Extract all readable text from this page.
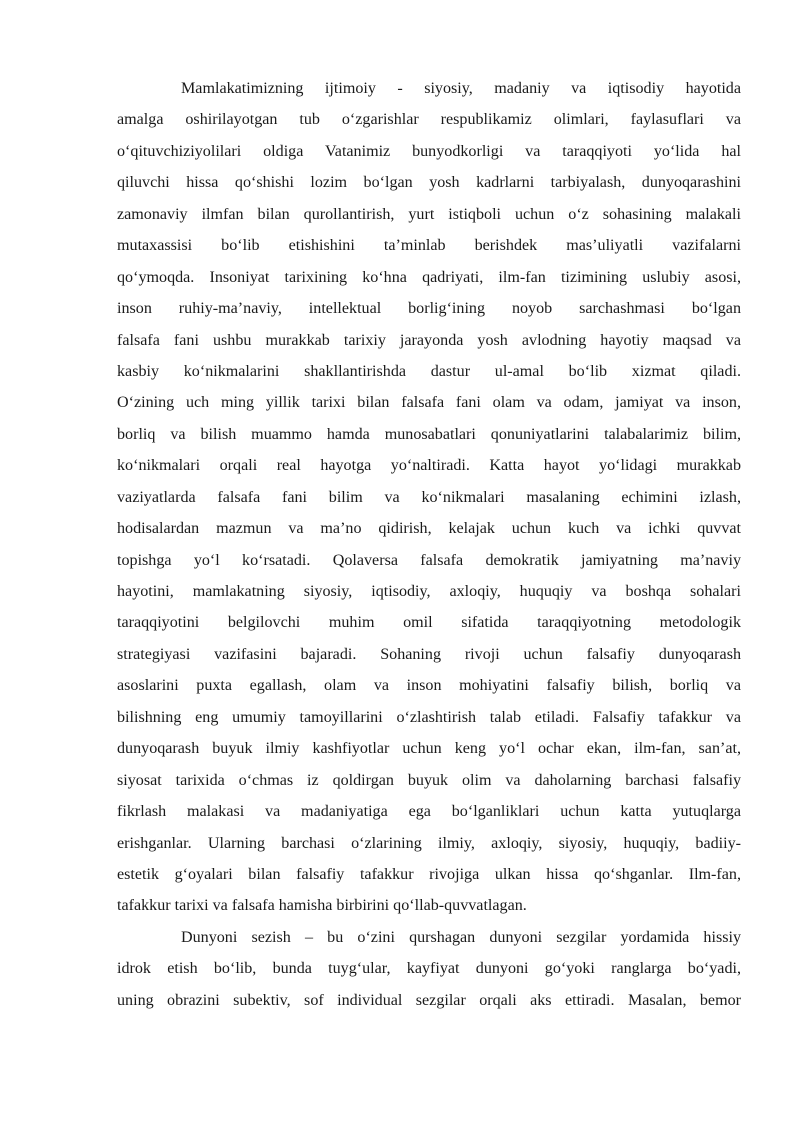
Mamlakatimizning ijtimoiy - siyosiy, madaniy va iqtisodiy hayotida
amalga oshirilayotgan tub o‘zgarishlar respublikamiz olimlari, faylasuflari va
o‘qituvchiziyolilari oldiga Vatanimiz bunyodkorligi va taraqqiyoti yo‘lida hal
qiluvchi hissa qo‘shishi lozim bo‘lgan yosh kadrlarni tarbiyalash, dunyoqarashini
zamonaviy ilmfan bilan qurollantirish, yurt istiqboli uchun o‘z sohasining malakali
mutaxassisi bo‘lib etishishini ta’minlab berishdek mas’uliyatli vazifalarni
qo‘ymoqda. Insoniyat tarixining ko‘hna qadriyati, ilm-fan tizimining uslubiy asosi,
inson ruhiy-ma’naviy, intellektual borlig‘ining noyob sarchashmasi bo‘lgan
falsafa fani ushbu murakkab tarixiy jarayonda yosh avlodning hayotiy maqsad va
kasbiy ko‘nikmalarini shakllantirishda dastur ul-amal bo‘lib xizmat qiladi.
O‘zining uch ming yillik tarixi bilan falsafa fani olam va odam, jamiyat va inson,
borliq va bilish muammo hamda munosabatlari qonuniyatlarini talabalarimiz bilim,
ko‘nikmalari orqali real hayotga yo‘naltiradi. Katta hayot yo‘lidagi murakkab
vaziyatlarda falsafa fani bilim va ko‘nikmalari masalaning echimini izlash,
hodisalardan mazmun va ma’no qidirish, kelajak uchun kuch va ichki quvvat
topishga yo‘l ko‘rsatadi. Qolaversa falsafa demokratik jamiyatning ma’naviy
hayotini, mamlakatning siyosiy, iqtisodiy, axloqiy, huquqiy va boshqa sohalari
taraqqiyotini belgilovchi muhim omil sifatida taraqqiyotning metodologik
strategiyasi vazifasini bajaradi. Sohaning rivoji uchun falsafiy dunyoqarash
asoslarini puxta egallash, olam va inson mohiyatini falsafiy bilish, borliq va
bilishning eng umumiy tamoyillarini o‘zlashtirish talab etiladi. Falsafiy tafakkur va
dunyoqarash buyuk ilmiy kashfiyotlar uchun keng yo‘l ochar ekan, ilm-fan, san’at,
siyosat tarixida o‘chmas iz qoldirgan buyuk olim va daholarning barchasi falsafiy
fikrlash malakasi va madaniyatiga ega bo‘lganliklari uchun katta yutuqlarga
erishganlar. Ularning barchasi o‘zlarining ilmiy, axloqiy, siyosiy, huquqiy, badiiy-
estetik g‘oyalari bilan falsafiy tafakkur rivojiga ulkan hissa qo‘shganlar. Ilm-fan,
tafakkur tarixi va falsafa hamisha birbirini qo‘llab-quvvatlagan.
Dunyoni sezish – bu o‘zini qurshagan dunyoni sezgilar yordamida hissiy
idrok etish bo‘lib, bunda tuyg‘ular, kayfiyat dunyoni go‘yoki ranglarga bo‘yadi,
uning obrazini subektiv, sof individual sezgilar orqali aks ettiradi. Masalan, bemor
